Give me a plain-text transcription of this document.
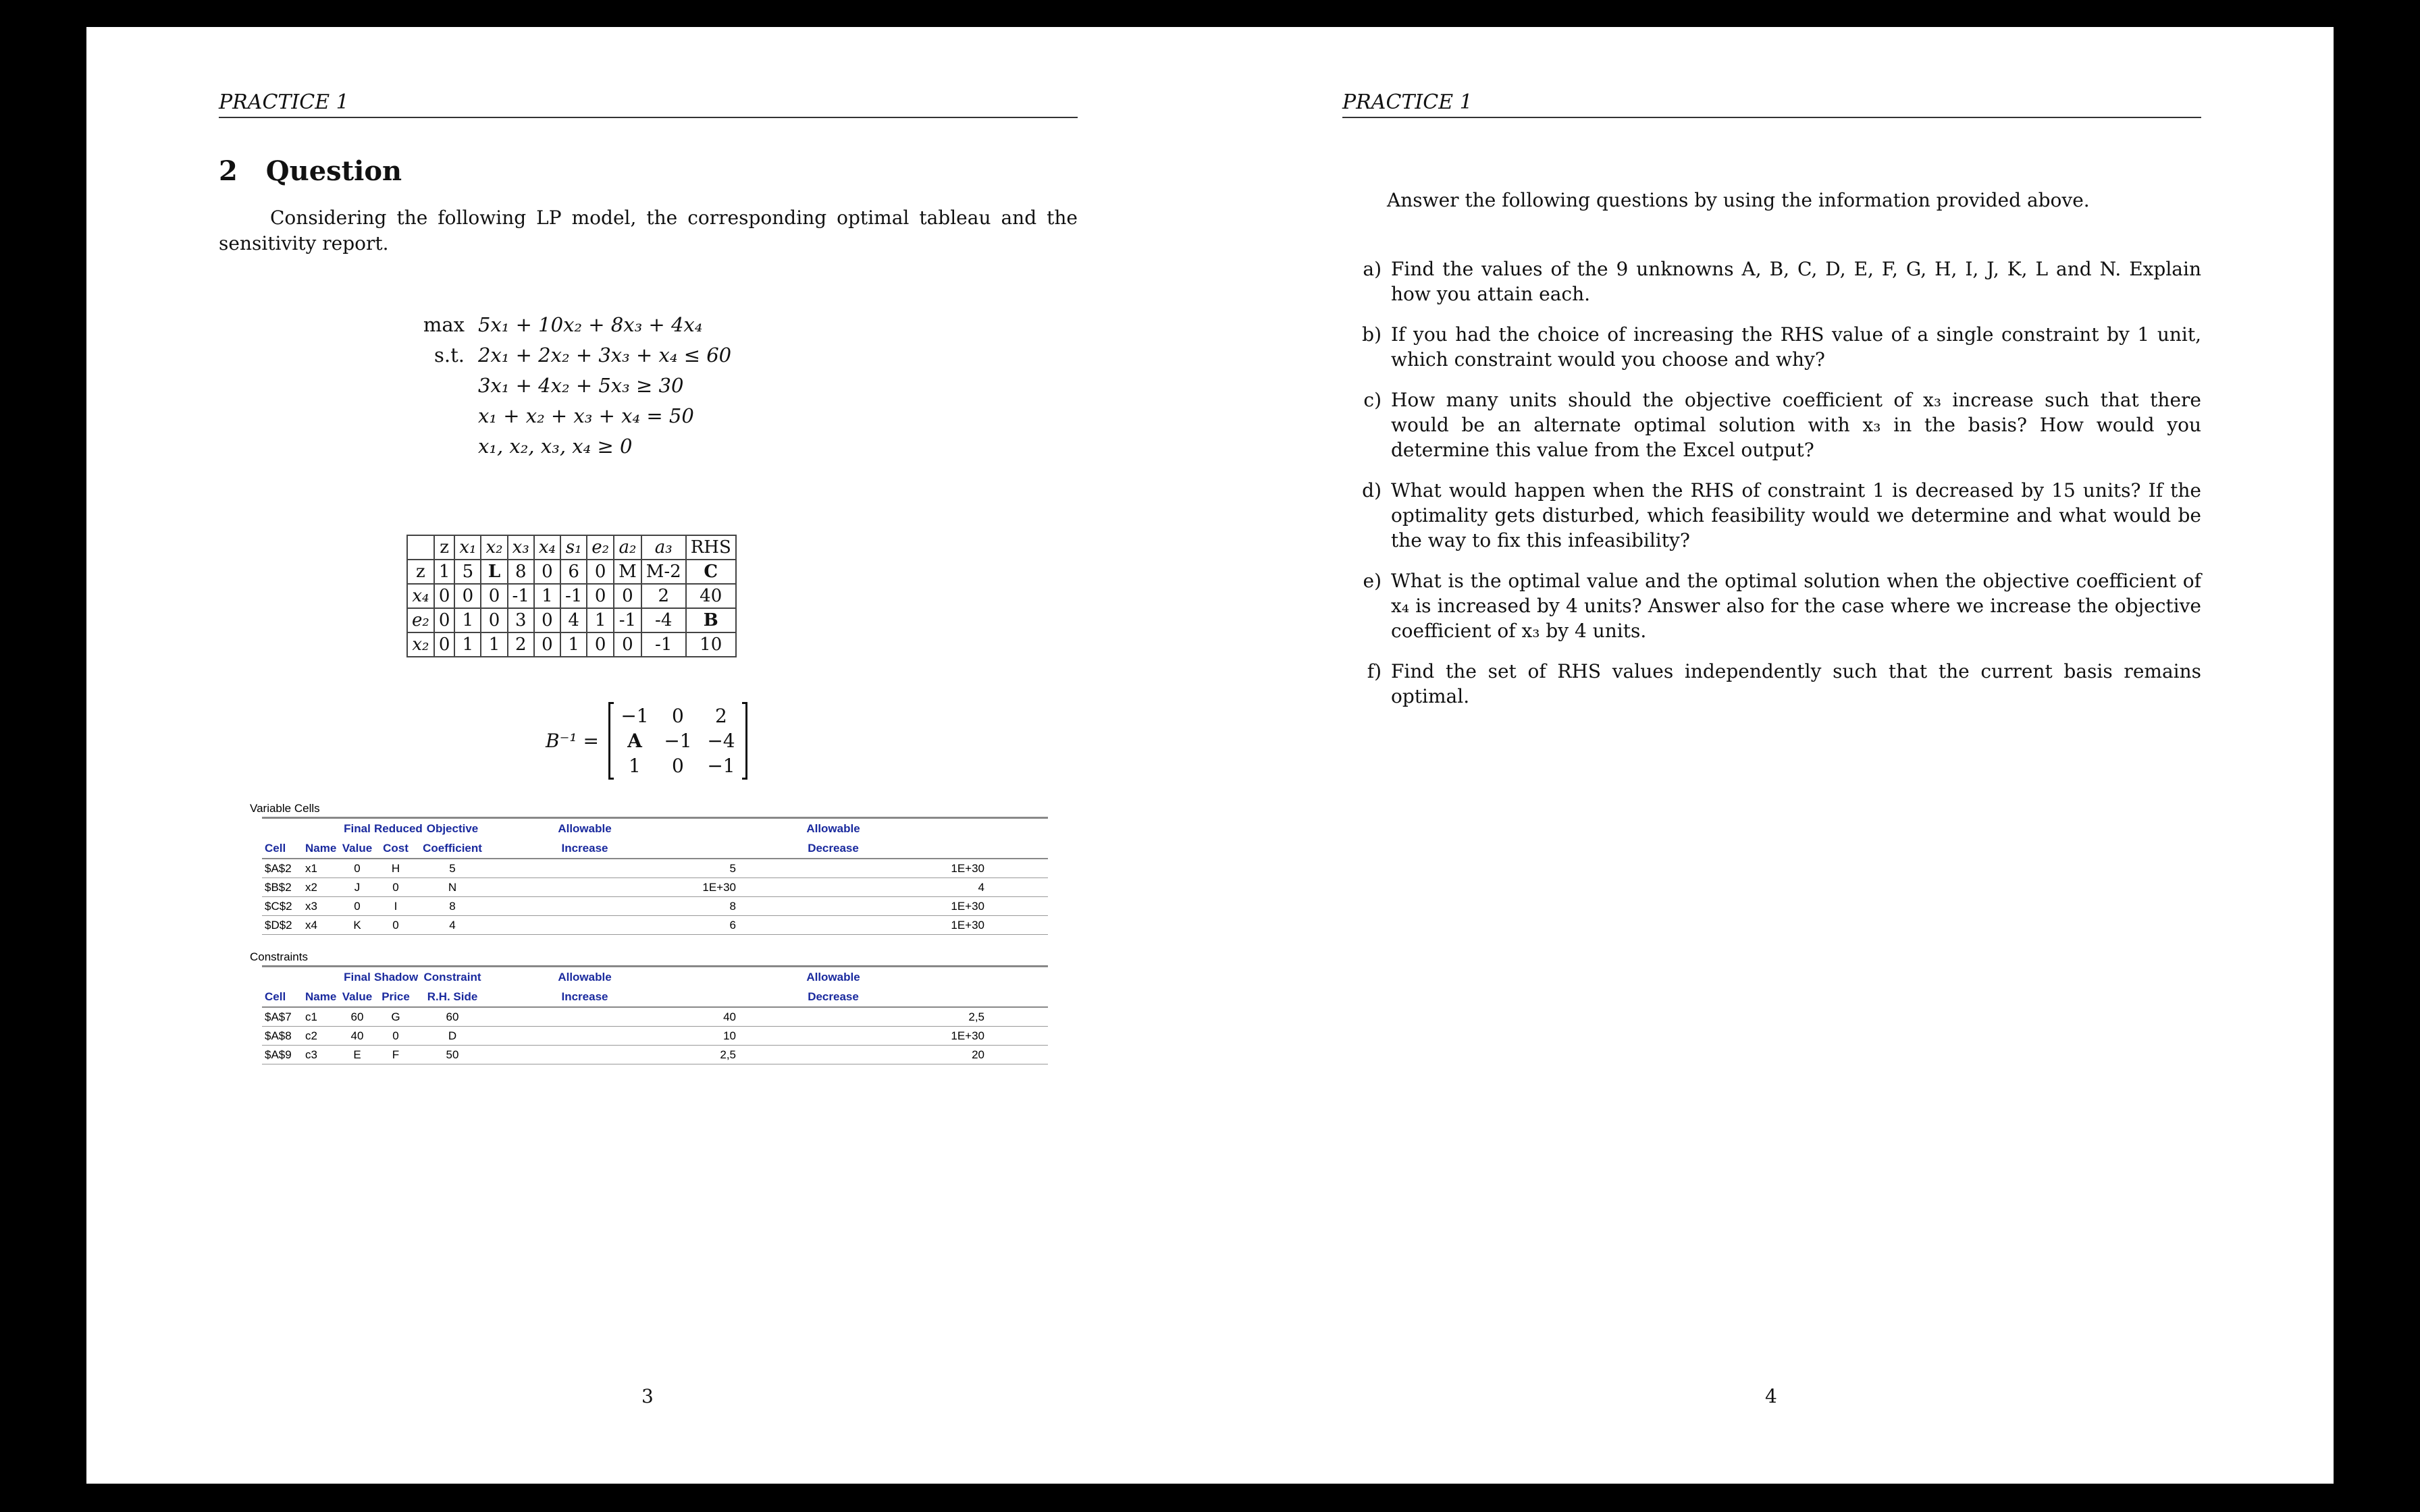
PRACTICE 1
2 Question
Considering the following LP model, the corresponding optimal tableau and the sensitivity report.
max 5x₁ + 10x₂ + 8x₃ + 4x₄
s.t. 2x₁ + 2x₂ + 3x₃ + x₄ ≤ 60
3x₁ + 4x₂ + 5x₃ ≥ 30
x₁ + x₂ + x₃ + x₄ = 50
x₁, x₂, x₃, x₄ ≥ 0
	z	x₁	x₂	x₃	x₄	s₁	e₂	a₂	a₃	RHS
z	1	5	L	8	0	6	0	M	M-2	C
x₄	0	0	0	-1	1	-1	0	0	2	40
e₂	0	1	0	3	0	4	1	-1	-4	B
x₂	0	1	1	2	0	1	0	0	-1	10
B⁻¹ =
−1	0	2
A	−1 −4
1	0	−1
Variable Cells
Final Reduced Objective	Allowable	Allowable
Cell	Name Value Cost	Coefficient	Increase	Decrease
$A$2	x1	0	H	5	5	1E+30
$B$2	x2	J	0	N	1E+30	4
$C$2	x3	0	I	8	8	1E+30
$D$2	x4	K	0	4	6	1E+30
Constraints
Final Shadow Constraint	Allowable	Allowable
Cell	Name Value Price	R.H. Side	Increase	Decrease
$A$7	c1	60	G	60	40	2,5
$A$8	c2	40	0	D	10	1E+30
$A$9	c3	E	F	50	2,5	20
3
PRACTICE 1
Answer the following questions by using the information provided above.
a) Find the values of the 9 unknowns A, B, C, D, E, F, G, H, I, J, K, L and N. Explain how you attain each.
b) If you had the choice of increasing the RHS value of a single constraint by 1 unit, which constraint would you choose and why?
c) How many units should the objective coefficient of x₃ increase such that there would be an alternate optimal solution with x₃ in the basis? How would you determine this value from the Excel output?
d) What would happen when the RHS of constraint 1 is decreased by 15 units? If the optimality gets disturbed, which feasibility would we determine and what would be the way to fix this infeasibility?
e) What is the optimal value and the optimal solution when the objective coefficient of x₄ is increased by 4 units? Answer also for the case where we increase the objective coefficient of x₃ by 4 units.
f) Find the set of RHS values independently such that the current basis remains optimal.
4
